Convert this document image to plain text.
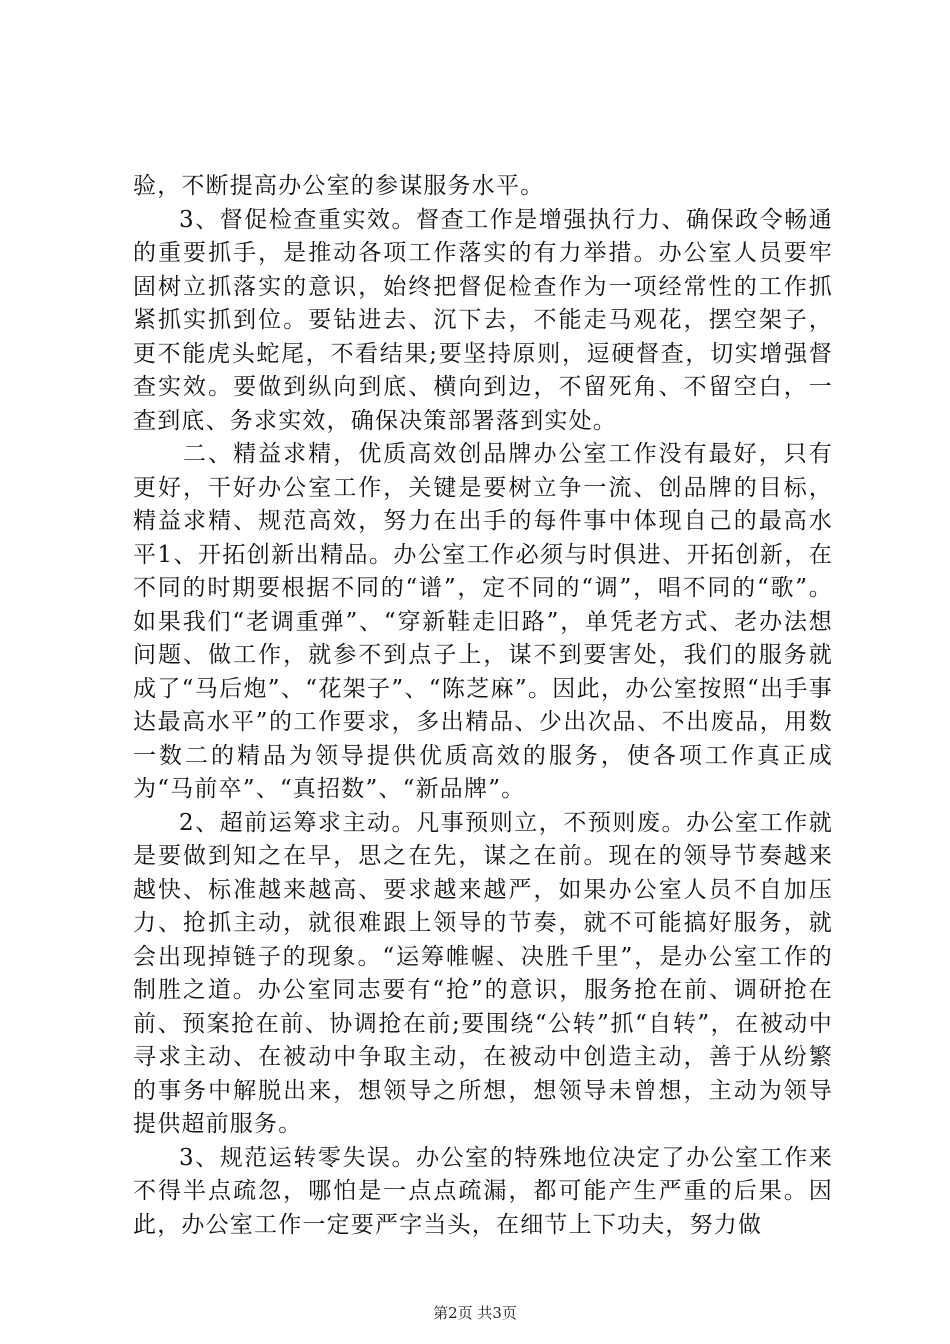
验，不断提高办公室的参谋服务水平。

3、督促检查重实效。督查工作是增强执行力、确保政令畅通的重要抓手，是推动各项工作落实的有力举措。办公室人员要牢固树立抓落实的意识，始终把督促检查作为一项经常性的工作抓紧抓实抓到位。要钻进去、沉下去，不能走马观花，摆空架子，更不能虎头蛇尾，不看结果;要坚持原则，逗硬督查，切实增强督查实效。要做到纵向到底、横向到边，不留死角、不留空白，一查到底、务求实效，确保决策部署落到实处。

二、精益求精，优质高效创品牌办公室工作没有最好，只有更好，干好办公室工作，关键是要树立争一流、创品牌的目标，精益求精、规范高效，努力在出手的每件事中体现自己的最高水平1、开拓创新出精品。办公室工作必须与时俱进、开拓创新，在不同的时期要根据不同的“谱”，定不同的“调”，唱不同的“歌”。如果我们“老调重弹”、“穿新鞋走旧路”，单凭老方式、老办法想问题、做工作，就参不到点子上，谋不到要害处，我们的服务就成了“马后炮”、“花架子”、“陈芝麻”。因此，办公室按照“出手事达最高水平”的工作要求，多出精品、少出次品、不出废品，用数一数二的精品为领导提供优质高效的服务，使各项工作真正成为“马前卒”、“真招数”、“新品牌”。

2、超前运筹求主动。凡事预则立，不预则废。办公室工作就是要做到知之在早，思之在先，谋之在前。现在的领导节奏越来越快、标准越来越高、要求越来越严，如果办公室人员不自加压力、抢抓主动，就很难跟上领导的节奏，就不可能搞好服务，就会出现掉链子的现象。“运筹帷幄、决胜千里”，是办公室工作的制胜之道。办公室同志要有“抢”的意识，服务抢在前、调研抢在前、预案抢在前、协调抢在前;要围绕“公转”抓“自转”，在被动中寻求主动、在被动中争取主动，在被动中创造主动，善于从纷繁的事务中解脱出来，想领导之所想，想领导未曾想，主动为领导提供超前服务。

3、规范运转零失误。办公室的特殊地位决定了办公室工作来不得半点疏忽，哪怕是一点点疏漏，都可能产生严重的后果。因此，办公室工作一定要严字当头，在细节上下功夫，努力做

第2页 共3页
